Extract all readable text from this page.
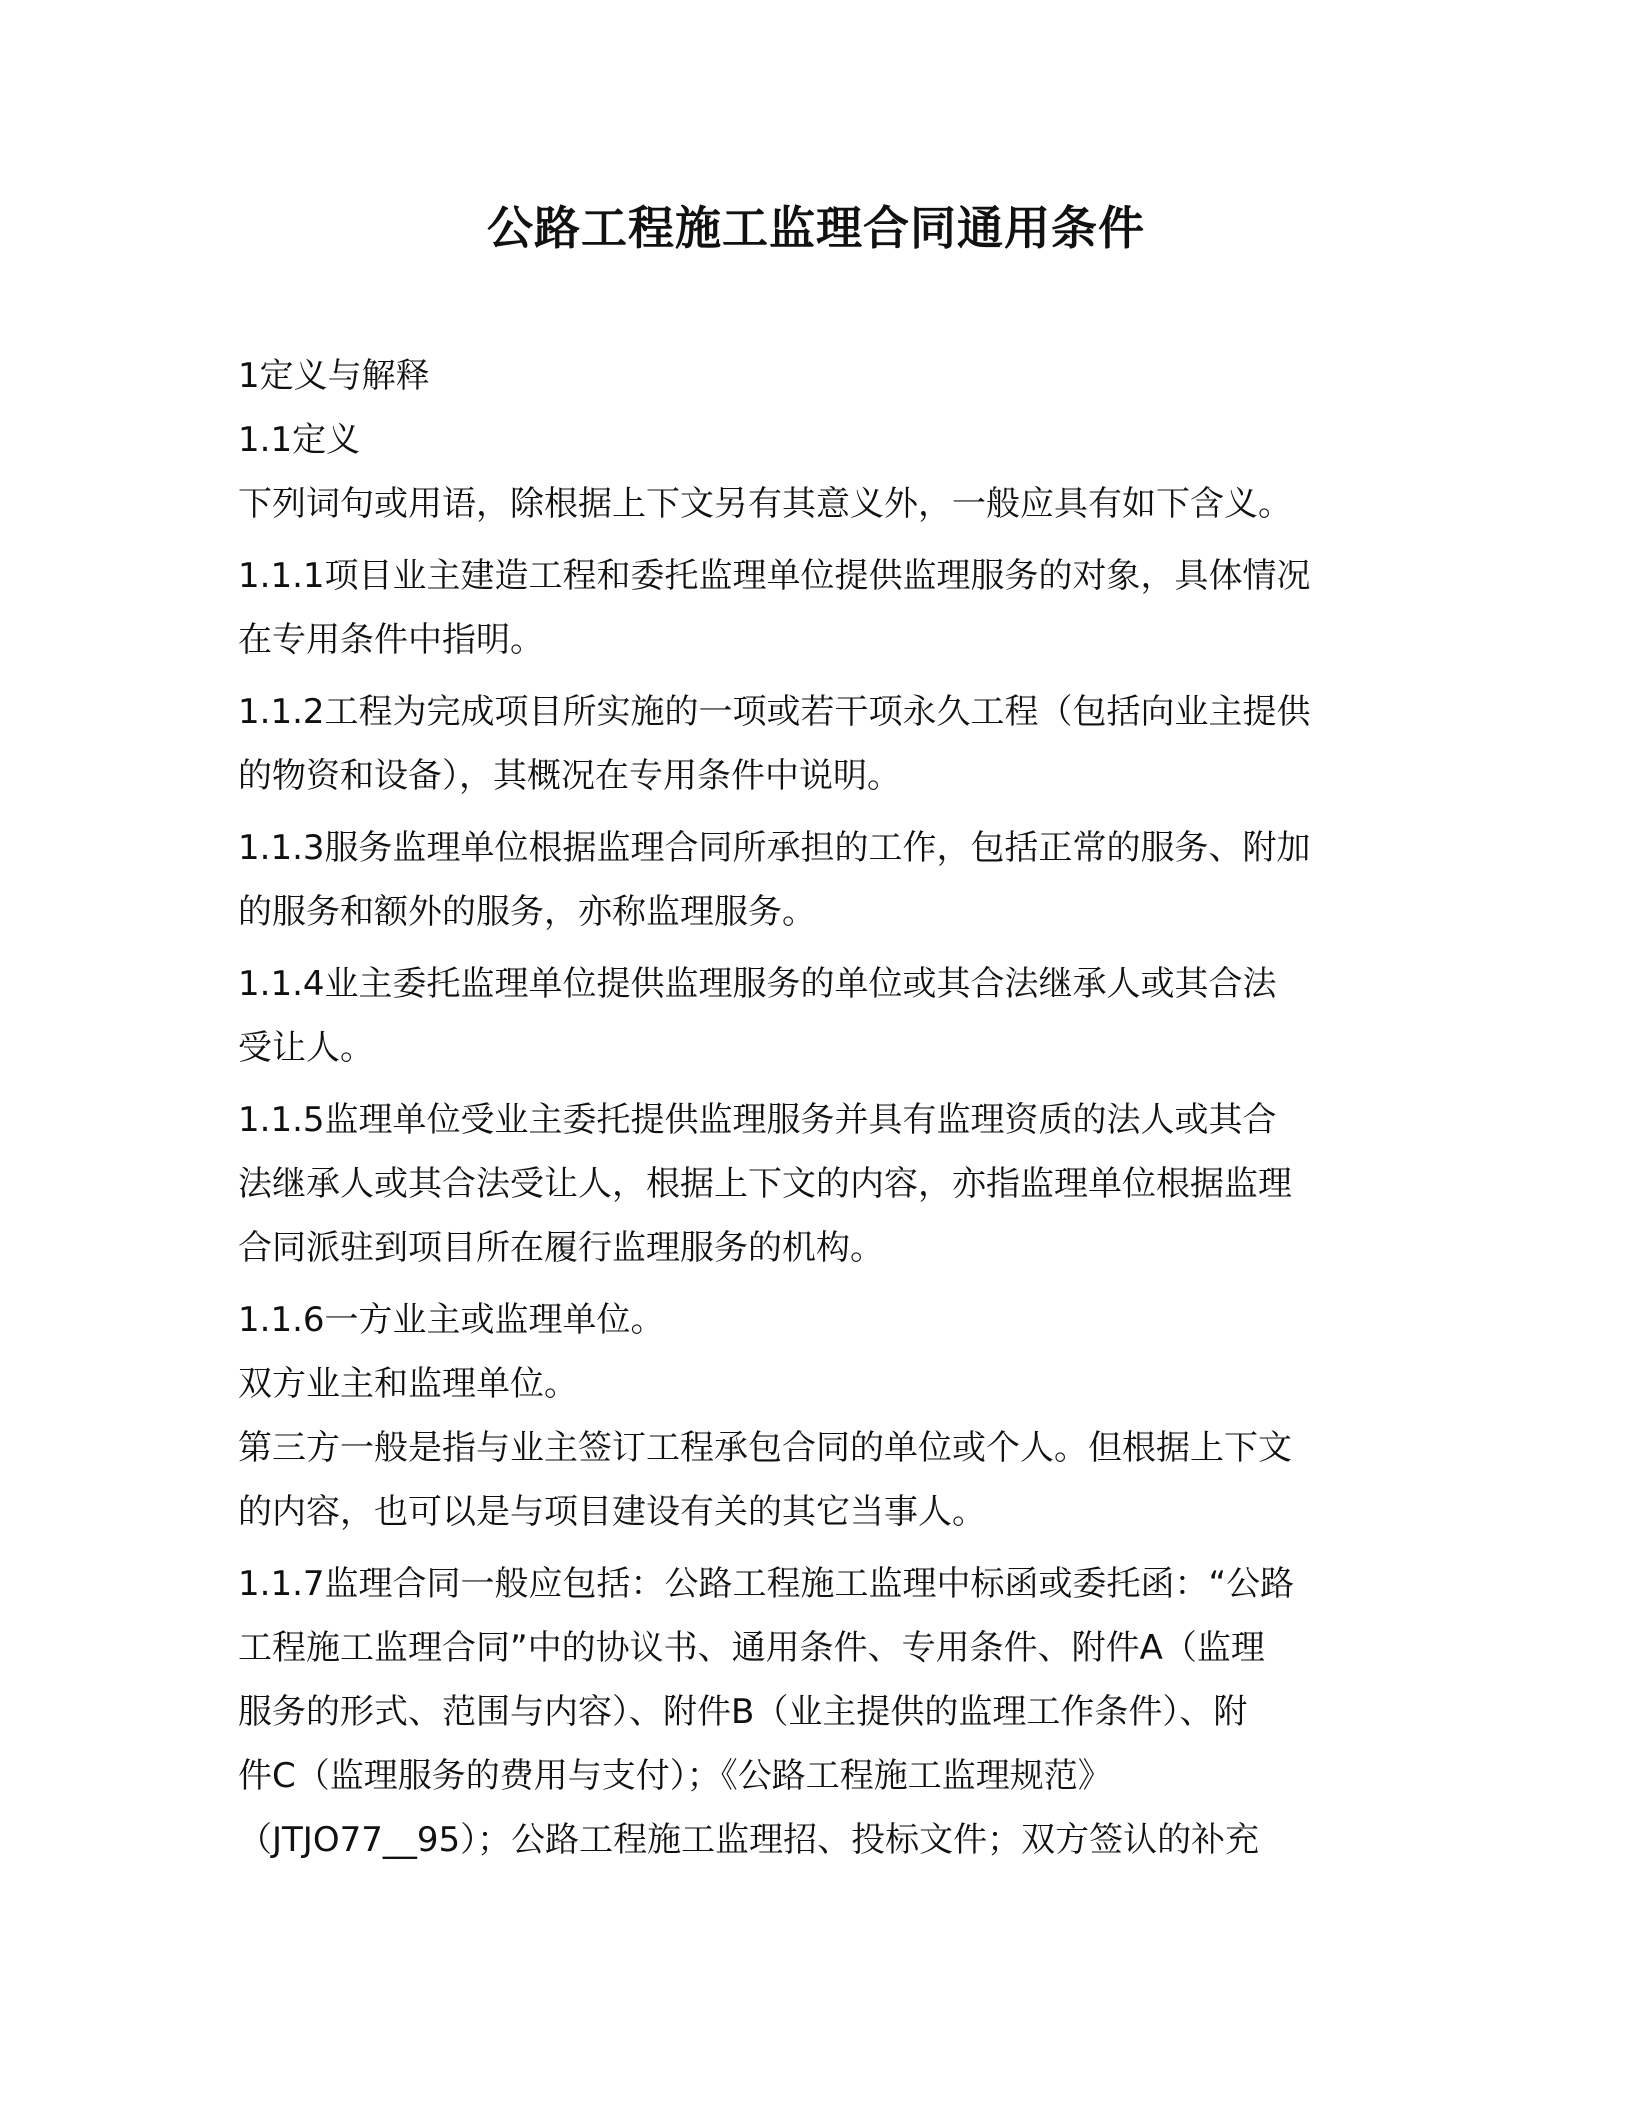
公路工程施工监理合同通用条件
1定义与解释
1.1定义
下列词句或用语，除根据上下文另有其意义外，一般应具有如下含义。
1.1.1项目业主建造工程和委托监理单位提供监理服务的对象，具体情况
在专用条件中指明。
1.1.2工程为完成项目所实施的一项或若干项永久工程（包括向业主提供
的物资和设备），其概况在专用条件中说明。
1.1.3服务监理单位根据监理合同所承担的工作，包括正常的服务、附加
的服务和额外的服务，亦称监理服务。
1.1.4业主委托监理单位提供监理服务的单位或其合法继承人或其合法
受让人。
1.1.5监理单位受业主委托提供监理服务并具有监理资质的法人或其合
法继承人或其合法受让人，根据上下文的内容，亦指监理单位根据监理
合同派驻到项目所在履行监理服务的机构。
1.1.6一方业主或监理单位。
双方业主和监理单位。
第三方一般是指与业主签订工程承包合同的单位或个人。但根据上下文
的内容，也可以是与项目建设有关的其它当事人。
1.1.7监理合同一般应包括：公路工程施工监理中标函或委托函：“公路
工程施工监理合同”中的协议书、通用条件、专用条件、附件A（监理
服务的形式、范围与内容）、附件B（业主提供的监理工作条件）、附
件C（监理服务的费用与支付）；《公路工程施工监理规范》
（JTJO77__95）；公路工程施工监理招、投标文件；双方签认的补充
